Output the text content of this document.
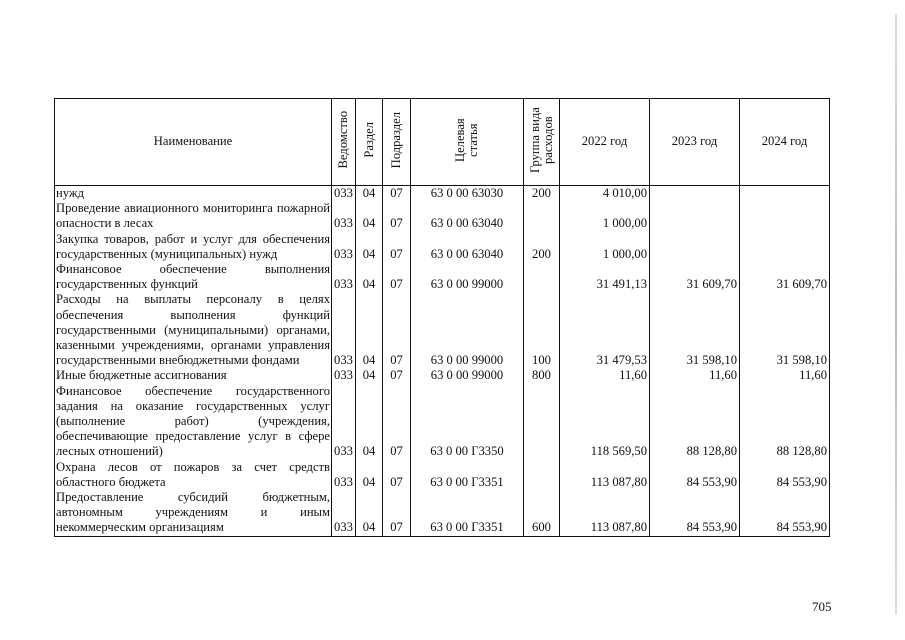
Наименование	Ведомство	Раздел	Подраздел	Целевая статья	Группа вида расходов	2022 год	2023 год	2024 год
нужд	033	04	07	63 0 00 63030	200	4 010,00		
Проведение авиационного мониторинга пожарной опасности в лесах	033	04	07	63 0 00 63040		1 000,00		
Закупка товаров, работ и услуг для обеспечения государственных (муниципальных) нужд	033	04	07	63 0 00 63040	200	1 000,00		
Финансовое обеспечение выполнения государственных функций	033	04	07	63 0 00 99000		31 491,13	31 609,70	31 609,70
Расходы на выплаты персоналу в целях обеспечения выполнения функций государственными (муниципальными) органами, казенными учреждениями, органами управления государственными внебюджетными фондами	033	04	07	63 0 00 99000	100	31 479,53	31 598,10	31 598,10
Иные бюджетные ассигнования	033	04	07	63 0 00 99000	800	11,60	11,60	11,60
Финансовое обеспечение государственного задания на оказание государственных услуг (выполнение работ) (учреждения, обеспечивающие предоставление услуг в сфере лесных отношений)	033	04	07	63 0 00 Г3350		118 569,50	88 128,80	88 128,80
Охрана лесов от пожаров за счет средств областного бюджета	033	04	07	63 0 00 Г3351		113 087,80	84 553,90	84 553,90
Предоставление субсидий бюджетным, автономным учреждениям и иным некоммерческим организациям	033	04	07	63 0 00 Г3351	600	113 087,80	84 553,90	84 553,90
705
